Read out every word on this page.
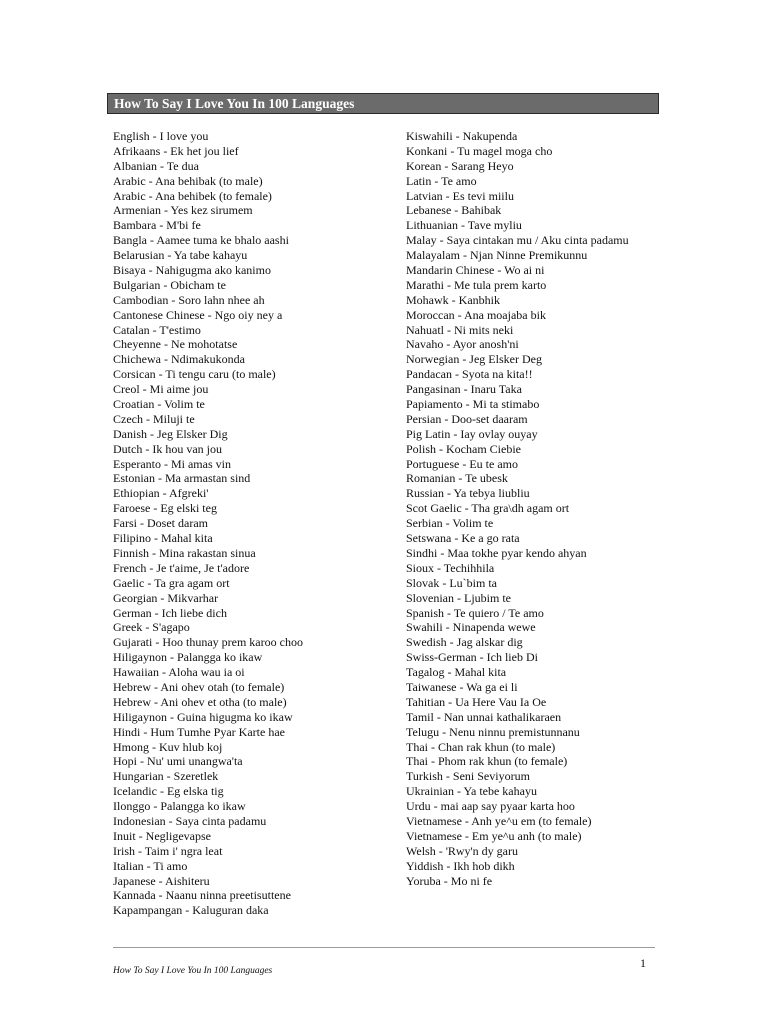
How To Say I Love You In 100 Languages
English - I love you
Afrikaans - Ek het jou lief
Albanian - Te dua
Arabic - Ana behibak (to male)
Arabic - Ana behibek (to female)
Armenian - Yes kez sirumem
Bambara - M'bi fe
Bangla - Aamee tuma ke bhalo aashi
Belarusian - Ya tabe kahayu
Bisaya - Nahigugma ako kanimo
Bulgarian - Obicham te
Cambodian - Soro lahn nhee ah
Cantonese Chinese - Ngo oiy ney a
Catalan - T'estimo
Cheyenne - Ne mohotatse
Chichewa - Ndimakukonda
Corsican - Ti tengu caru (to male)
Creol - Mi aime jou
Croatian - Volim te
Czech - Miluji te
Danish - Jeg Elsker Dig
Dutch - Ik hou van jou
Esperanto - Mi amas vin
Estonian - Ma armastan sind
Ethiopian - Afgreki'
Faroese - Eg elski teg
Farsi - Doset daram
Filipino - Mahal kita
Finnish - Mina rakastan sinua
French - Je t'aime, Je t'adore
Gaelic - Ta gra agam ort
Georgian - Mikvarhar
German - Ich liebe dich
Greek - S'agapo
Gujarati - Hoo thunay prem karoo choo
Hiligaynon - Palangga ko ikaw
Hawaiian - Aloha wau ia oi
Hebrew - Ani ohev otah (to female)
Hebrew - Ani ohev et otha (to male)
Hiligaynon - Guina higugma ko ikaw
Hindi - Hum Tumhe Pyar Karte hae
Hmong - Kuv hlub koj
Hopi - Nu' umi unangwa'ta
Hungarian - Szeretlek
Icelandic - Eg elska tig
Ilonggo - Palangga ko ikaw
Indonesian - Saya cinta padamu
Inuit - Negligevapse
Irish - Taim i' ngra leat
Italian - Ti amo
Japanese - Aishiteru
Kannada - Naanu ninna preetisuttene
Kapampangan - Kaluguran daka
Kiswahili - Nakupenda
Konkani - Tu magel moga cho
Korean - Sarang Heyo
Latin - Te amo
Latvian - Es tevi miilu
Lebanese - Bahibak
Lithuanian - Tave myliu
Malay - Saya cintakan mu / Aku cinta padamu
Malayalam - Njan Ninne Premikunnu
Mandarin Chinese - Wo ai ni
Marathi - Me tula prem karto
Mohawk - Kanbhik
Moroccan - Ana moajaba bik
Nahuatl - Ni mits neki
Navaho - Ayor anosh'ni
Norwegian - Jeg Elsker Deg
Pandacan - Syota na kita!!
Pangasinan - Inaru Taka
Papiamento - Mi ta stimabo
Persian - Doo-set daaram
Pig Latin - Iay ovlay ouyay
Polish - Kocham Ciebie
Portuguese - Eu te amo
Romanian - Te ubesk
Russian - Ya tebya liubliu
Scot Gaelic - Tha gra\dh agam ort
Serbian - Volim te
Setswana - Ke a go rata
Sindhi - Maa tokhe pyar kendo ahyan
Sioux - Techihhila
Slovak - Lu`bim ta
Slovenian - Ljubim te
Spanish - Te quiero / Te amo
Swahili - Ninapenda wewe
Swedish - Jag alskar dig
Swiss-German - Ich lieb Di
Tagalog - Mahal kita
Taiwanese - Wa ga ei li
Tahitian - Ua Here Vau Ia Oe
Tamil - Nan unnai kathalikaraen
Telugu - Nenu ninnu premistunnanu
Thai - Chan rak khun (to male)
Thai - Phom rak khun (to female)
Turkish - Seni Seviyorum
Ukrainian - Ya tebe kahayu
Urdu - mai aap say pyaar karta hoo
Vietnamese - Anh ye^u em (to female)
Vietnamese - Em ye^u anh (to male)
Welsh - 'Rwy'n dy garu
Yiddish - Ikh hob dikh
Yoruba - Mo ni fe
1
How To Say I Love You In 100 Languages
